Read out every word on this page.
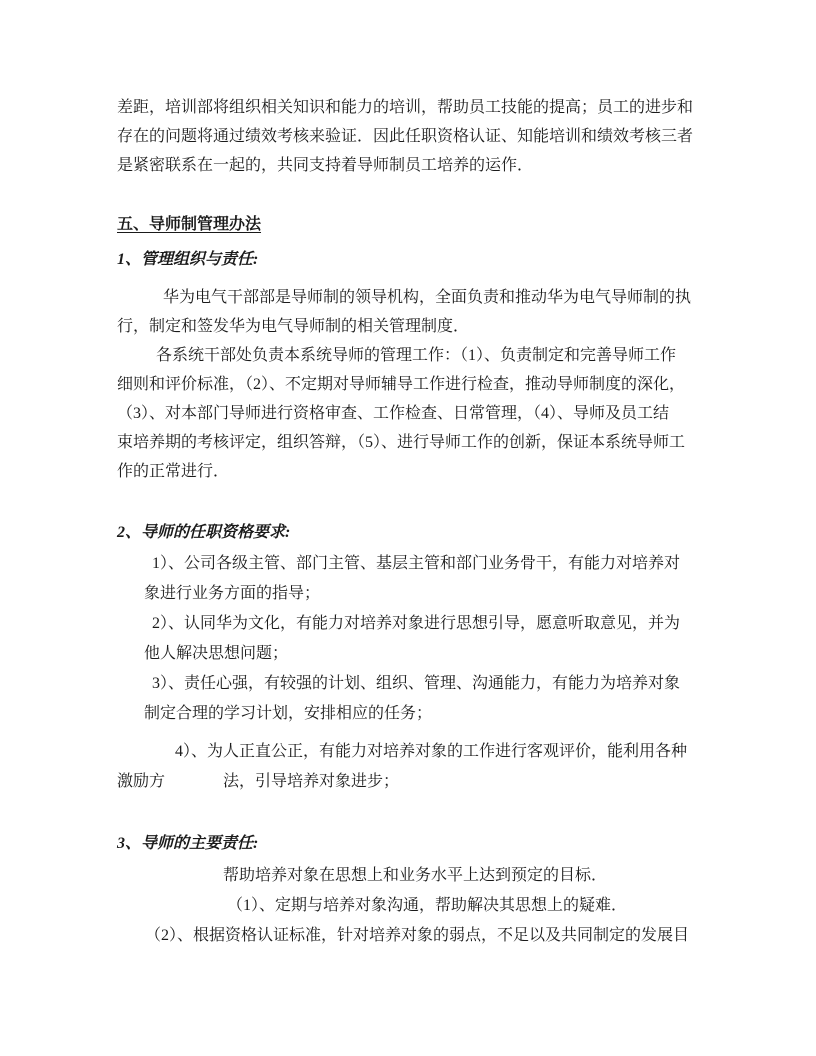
差距，培训部将组织相关知识和能力的培训，帮助员工技能的提高；员工的进步和
存在的问题将通过绩效考核来验证．因此任职资格认证、知能培训和绩效考核三者
是紧密联系在一起的，共同支持着导师制员工培养的运作．
五、导师制管理办法
1、管理组织与责任:
华为电气干部部是导师制的领导机构，全面负责和推动华为电气导师制的执
行，制定和签发华为电气导师制的相关管理制度．
各系统干部处负责本系统导师的管理工作：（1）、负责制定和完善导师工作
细则和评价标准，（2）、不定期对导师辅导工作进行检查，推动导师制度的深化，
（3）、对本部门导师进行资格审查、工作检查、日常管理，（4）、导师及员工结
束培养期的考核评定，组织答辩，（5）、进行导师工作的创新，保证本系统导师工
作的正常进行．
2、导师的任职资格要求:
1）、公司各级主管、部门主管、基层主管和部门业务骨干，有能力对培养对
象进行业务方面的指导；
2）、认同华为文化，有能力对培养对象进行思想引导，愿意听取意见，并为
他人解决思想问题；
3）、责任心强，有较强的计划、组织、管理、沟通能力，有能力为培养对象
制定合理的学习计划，安排相应的任务；
4）、为人正直公正，有能力对培养对象的工作进行客观评价，能利用各种
激励方	法，引导培养对象进步；
3、导师的主要责任:
帮助培养对象在思想上和业务水平上达到预定的目标．
（1）、定期与培养对象沟通，帮助解决其思想上的疑难．
（2）、根据资格认证标准，针对培养对象的弱点，不足以及共同制定的发展目
